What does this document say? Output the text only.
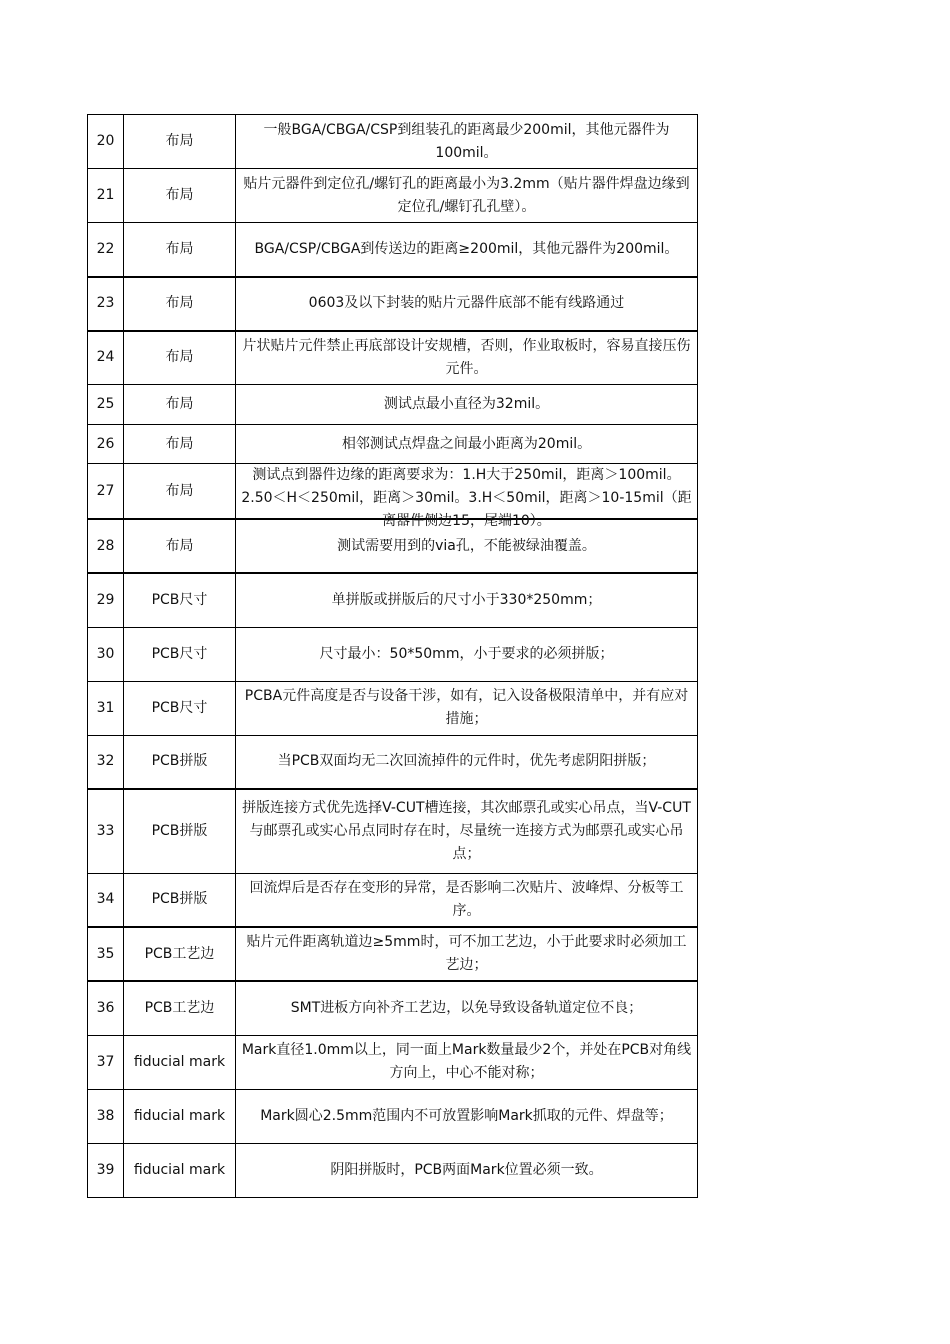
20	布局	一般BGA/CBGA/CSP到组装孔的距离最少200mil，其他元器件为100mil。
21	布局	贴片元器件到定位孔/螺钉孔的距离最小为3.2mm（贴片器件焊盘边缘到定位孔/螺钉孔孔壁）。
22	布局	BGA/CSP/CBGA到传送边的距离≥200mil，其他元器件为200mil。
23	布局	0603及以下封装的贴片元器件底部不能有线路通过
24	布局	片状贴片元件禁止再底部设计安规槽，否则，作业取板时，容易直接压伤元件。
25	布局	测试点最小直径为32mil。
26	布局	相邻测试点焊盘之间最小距离为20mil。
27	布局	测试点到器件边缘的距离要求为：1.H大于250mil，距离＞100mil。2.50＜H＜250mil，距离＞30mil。3.H＜50mil，距离＞10-15mil（距离器件侧边15，尾端10）。

28	布局	测试需要用到的via孔，不能被绿油覆盖。
29	PCB尺寸	单拼版或拼版后的尺寸小于330*250mm；
30	PCB尺寸	尺寸最小：50*50mm，小于要求的必须拼版；
31	PCB尺寸	PCBA元件高度是否与设备干涉，如有，记入设备极限清单中，并有应对措施；
32	PCB拼版	当PCB双面均无二次回流掉件的元件时，优先考虑阴阳拼版；
33	PCB拼版	拼版连接方式优先选择V-CUT槽连接，其次邮票孔或实心吊点，当V-CUT与邮票孔或实心吊点同时存在时，尽量统一连接方式为邮票孔或实心吊点；
34	PCB拼版	回流焊后是否存在变形的异常，是否影响二次贴片、波峰焊、分板等工序。
35	PCB工艺边	贴片元件距离轨道边≥5mm时，可不加工艺边，小于此要求时必须加工艺边；
36	PCB工艺边	SMT进板方向补齐工艺边，以免导致设备轨道定位不良；
37	fiducial mark	Mark直径1.0mm以上，同一面上Mark数量最少2个，并处在PCB对角线方向上，中心不能对称；
38	fiducial mark	Mark圆心2.5mm范围内不可放置影响Mark抓取的元件、焊盘等；
39	fiducial mark	阴阳拼版时，PCB两面Mark位置必须一致。
